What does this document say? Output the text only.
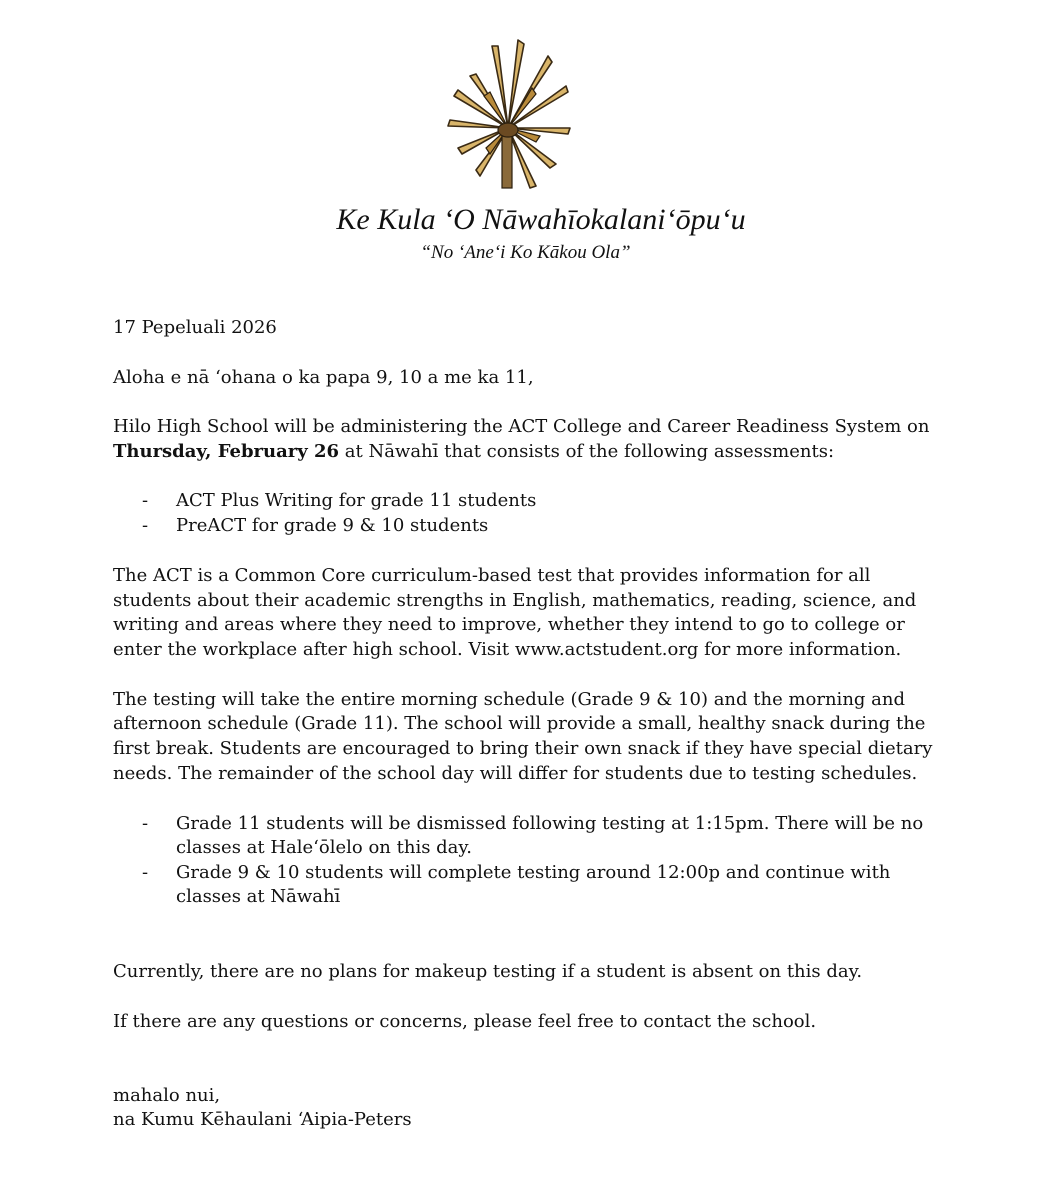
Ke Kula ʻO Nāwahīokalaniʻōpuʻu
“No ʻAneʻi Ko Kākou Ola”

17 Pepeluali 2026

Aloha e nā ʻohana o ka papa 9, 10 a me ka 11,

Hilo High School will be administering the ACT College and Career Readiness System on

Thursday, February 26 at Nāwahī that consists of the following assessments:

- ACT Plus Writing for grade 11 students
- PreACT for grade 9 & 10 students

The ACT is a Common Core curriculum-based test that provides information for all

students about their academic strengths in English, mathematics, reading, science, and

writing and areas where they need to improve, whether they intend to go to college or

enter the workplace after high school. Visit www.actstudent.org for more information.

The testing will take the entire morning schedule (Grade 9 & 10) and the morning and

afternoon schedule (Grade 11). The school will provide a small, healthy snack during the

first break. Students are encouraged to bring their own snack if they have special dietary

needs. The remainder of the school day will differ for students due to testing schedules.

- Grade 11 students will be dismissed following testing at 1:15pm. There will be no
classes at Haleʻōlelo on this day.
- Grade 9 & 10 students will complete testing around 12:00p and continue with
classes at Nāwahī

Currently, there are no plans for makeup testing if a student is absent on this day.

If there are any questions or concerns, please feel free to contact the school.

mahalo nui,

na Kumu Kēhaulani ʻAipia-Peters
